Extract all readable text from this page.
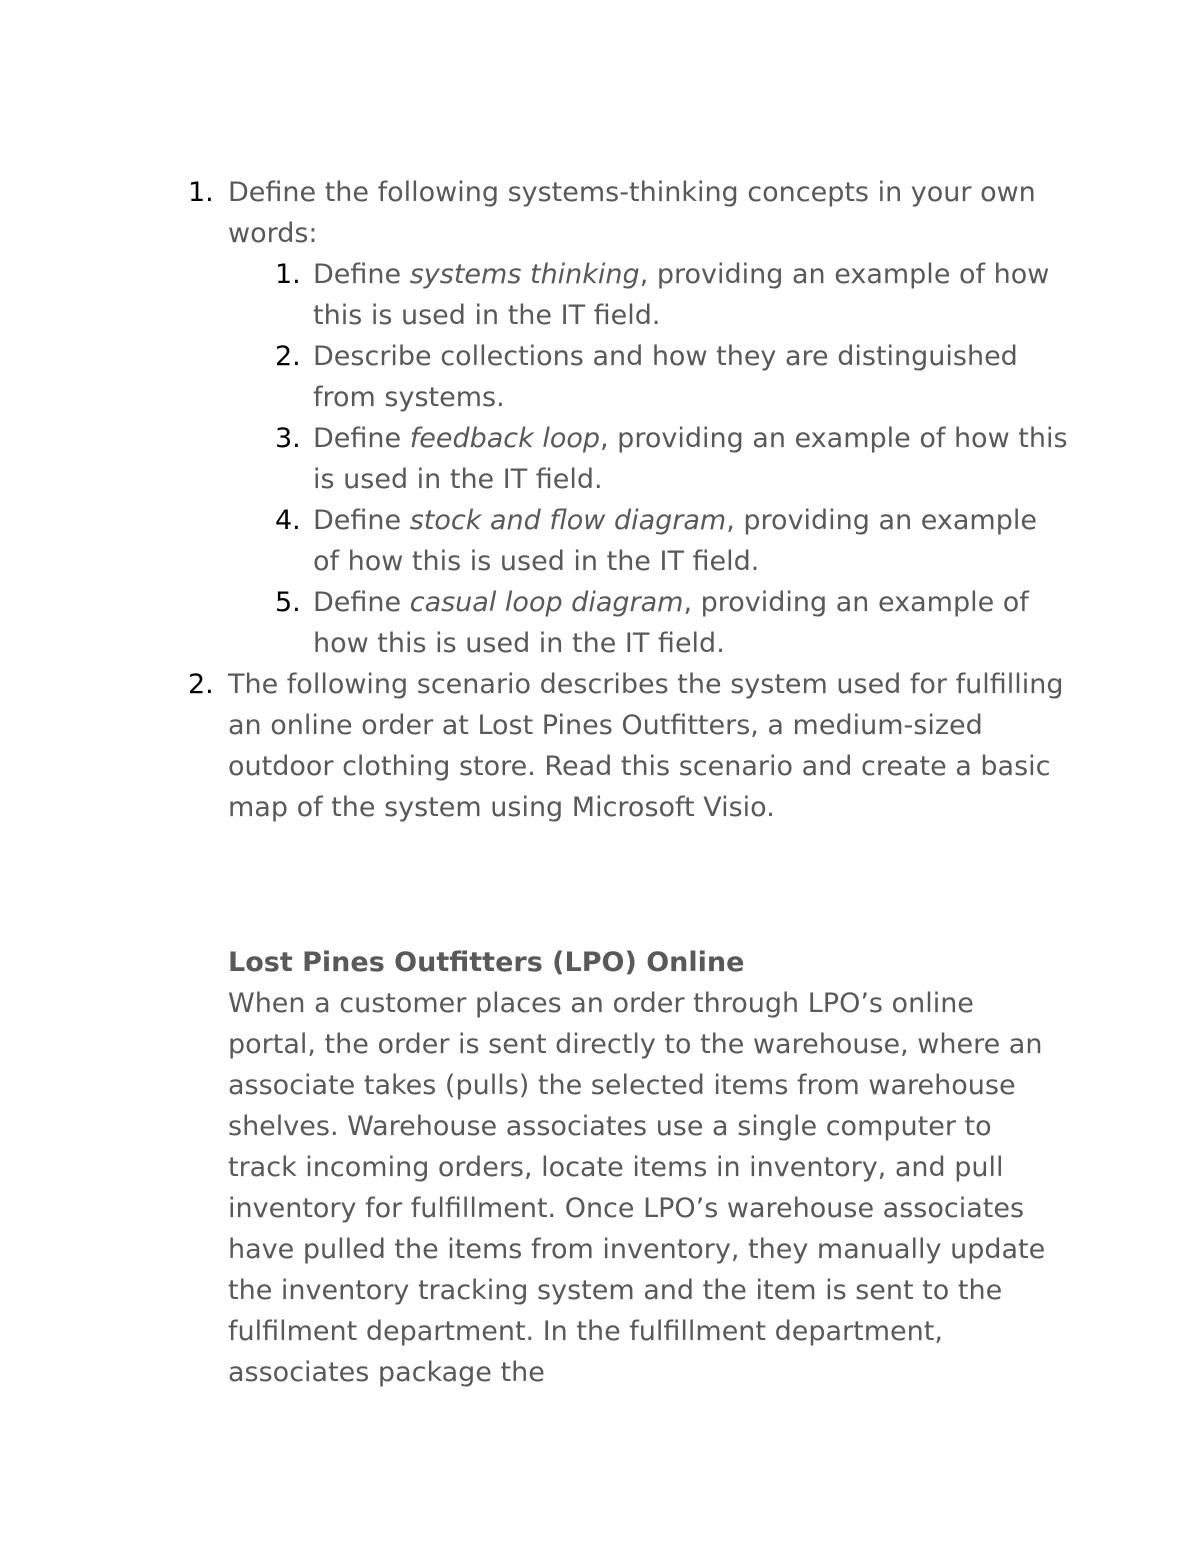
1. Define the following systems-thinking concepts in your own words:
1. Define systems thinking, providing an example of how this is used in the IT field.
2. Describe collections and how they are distinguished from systems.
3. Define feedback loop, providing an example of how this is used in the IT field.
4. Define stock and flow diagram, providing an example of how this is used in the IT field.
5. Define casual loop diagram, providing an example of how this is used in the IT field.
2. The following scenario describes the system used for fulfilling an online order at Lost Pines Outfitters, a medium-sized outdoor clothing store. Read this scenario and create a basic map of the system using Microsoft Visio.

Lost Pines Outfitters (LPO) Online

When a customer places an order through LPO’s online portal, the order is sent directly to the warehouse, where an associate takes (pulls) the selected items from warehouse shelves. Warehouse associates use a single computer to track incoming orders, locate items in inventory, and pull inventory for fulfillment. Once LPO’s warehouse associates have pulled the items from inventory, they manually update the inventory tracking system and the item is sent to the fulfilment department. In the fulfillment department, associates package the
